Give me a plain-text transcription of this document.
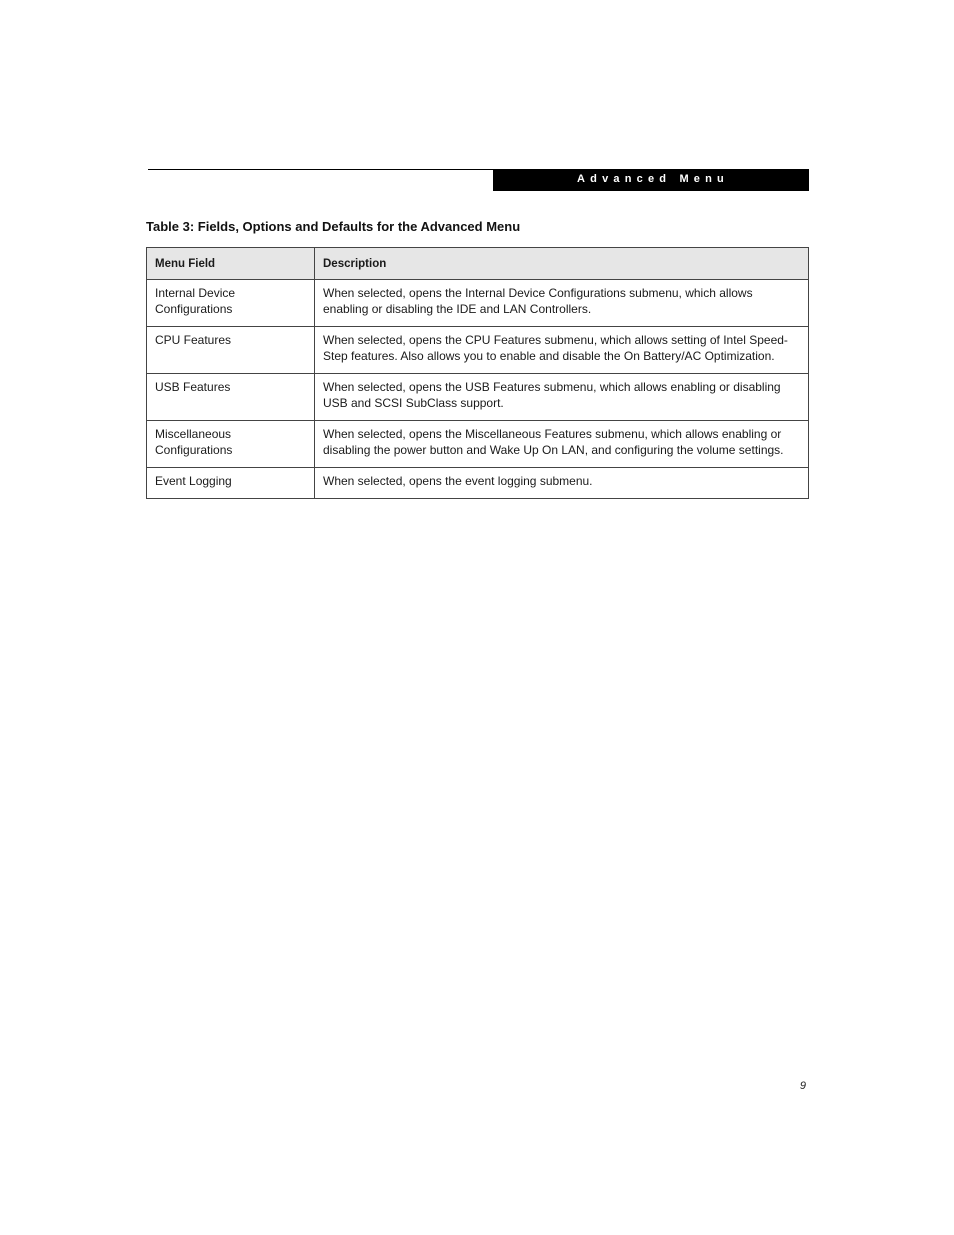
Advanced Menu
Table 3: Fields, Options and Defaults for the Advanced Menu
Menu Field	Description
Internal Device Configurations	When selected, opens the Internal Device Configurations submenu, which allows enabling or disabling the IDE and LAN Controllers.
CPU Features	When selected, opens the CPU Features submenu, which allows setting of Intel Speed-Step features. Also allows you to enable and disable the On Battery/AC Optimization.
USB Features	When selected, opens the USB Features submenu, which allows enabling or disabling USB and SCSI SubClass support.
Miscellaneous Configurations	When selected, opens the Miscellaneous Features submenu, which allows enabling or disabling the power button and Wake Up On LAN, and configuring the volume settings.
Event Logging	When selected, opens the event logging submenu.
9
